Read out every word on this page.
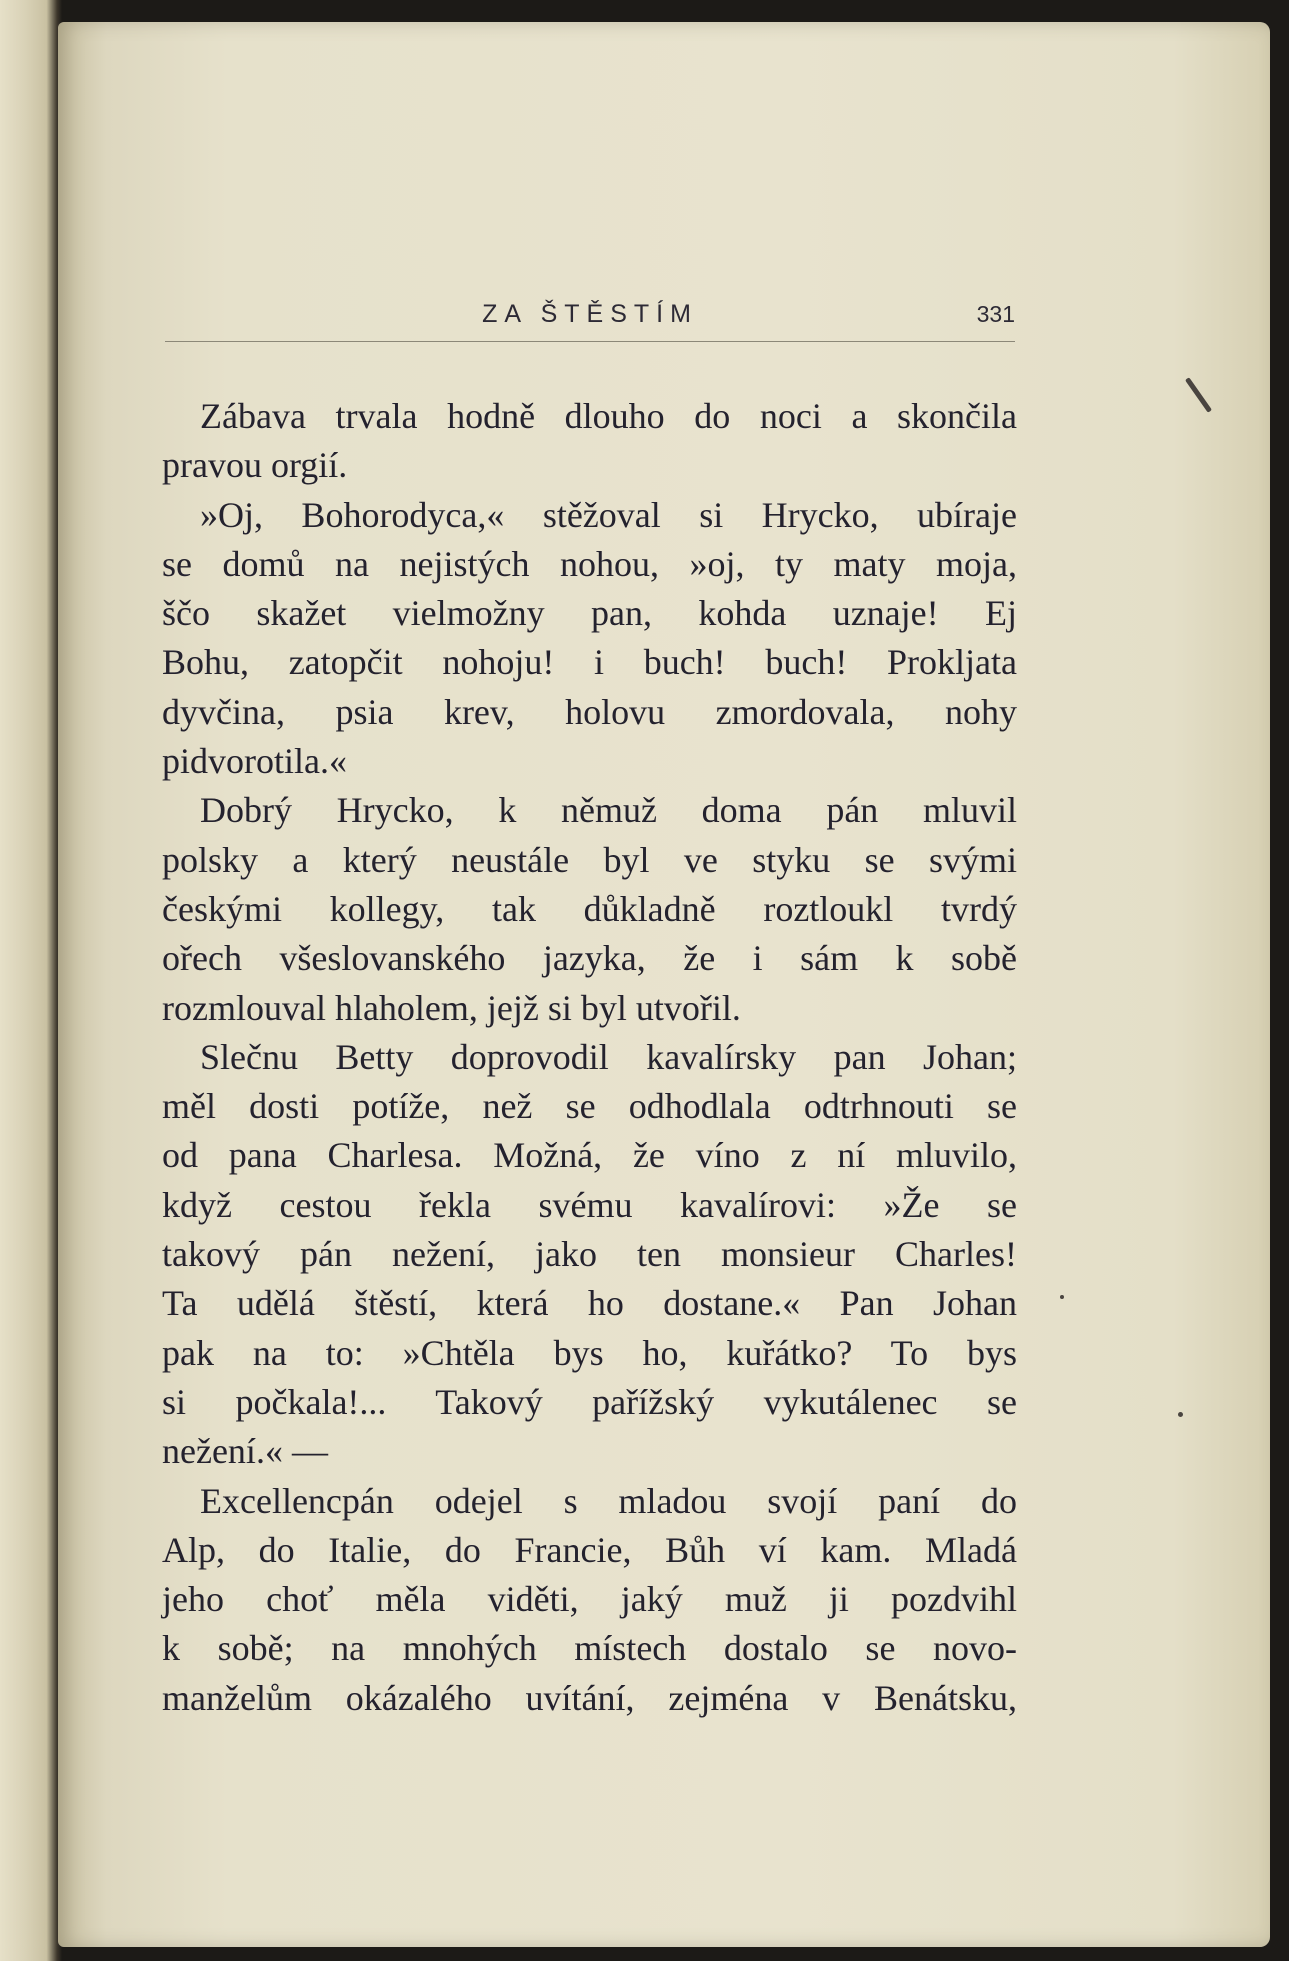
ZA ŠTĚSTÍM	331
Zábava trvala hodně dlouho do noci a skončila
pravou orgií.
»Oj, Bohorodyca,« stěžoval si Hrycko, ubíraje
se domů na nejistých nohou, »oj, ty maty moja,
ščo skažet vielmožny pan, kohda uznaje! Ej
Bohu, zatopčit nohoju! i buch! buch! Prokljata
dyvčina, psia krev, holovu zmordovala, nohy
pidvorotila.«
Dobrý Hrycko, k němuž doma pán mluvil
polsky a který neustále byl ve styku se svými
českými kollegy, tak důkladně roztloukl tvrdý
ořech všeslovanského jazyka, že i sám k sobě
rozmlouval hlaholem, jejž si byl utvořil.
Slečnu Betty doprovodil kavalírsky pan Johan;
měl dosti potíže, než se odhodlala odtrhnouti se
od pana Charlesa. Možná, že víno z ní mluvilo,
když cestou řekla svému kavalírovi: »Že se
takový pán nežení, jako ten monsieur Charles!
Ta udělá štěstí, která ho dostane.« Pan Johan
pak na to: »Chtěla bys ho, kuřátko? To bys
si počkala!... Takový pařížský vykutálenec se
nežení.« —
Excellencpán odejel s mladou svojí paní do
Alp, do Italie, do Francie, Bůh ví kam. Mladá
jeho choť měla viděti, jaký muž ji pozdvihl
k sobě; na mnohých místech dostalo se novo-
manželům okázalého uvítání, zejména v Benátsku,
